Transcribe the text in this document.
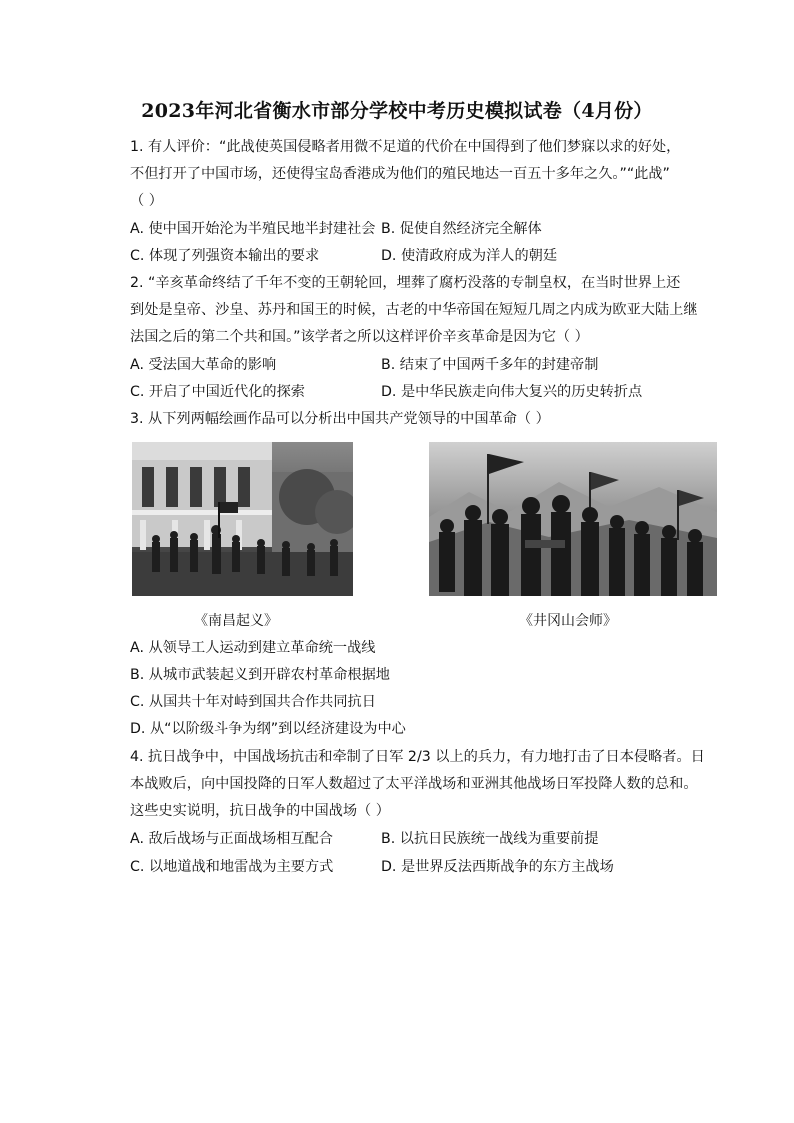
2023年河北省衡水市部分学校中考历史模拟试卷（4月份）
1. 有人评价：“此战使英国侵略者用微不足道的代价在中国得到了他们梦寐以求的好处，
不但打开了中国市场，还使得宝岛香港成为他们的殖民地达一百五十多年之久。”“此战”
（ ）
A. 使中国开始沦为半殖民地半封建社会 B. 促使自然经济完全解体
C. 体现了列强资本输出的要求	D. 使清政府成为洋人的朝廷
2. “辛亥革命终结了千年不变的王朝轮回，埋葬了腐朽没落的专制皇权，在当时世界上还
到处是皇帝、沙皇、苏丹和国王的时候，古老的中华帝国在短短几周之内成为欧亚大陆上继
法国之后的第二个共和国。”该学者之所以这样评价辛亥革命是因为它（ ）
A. 受法国大革命的影响	B. 结束了中国两千多年的封建帝制
C. 开启了中国近代化的探索	D. 是中华民族走向伟大复兴的历史转折点
3. 从下列两幅绘画作品可以分析出中国共产党领导的中国革命（ ）
《南昌起义》	《井冈山会师》
A. 从领导工人运动到建立革命统一战线
B. 从城市武装起义到开辟农村革命根据地
C. 从国共十年对峙到国共合作共同抗日
D. 从“以阶级斗争为纲”到以经济建设为中心
4. 抗日战争中，中国战场抗击和牵制了日军 2/3 以上的兵力，有力地打击了日本侵略者。日
本战败后，向中国投降的日军人数超过了太平洋战场和亚洲其他战场日军投降人数的总和。
这些史实说明，抗日战争的中国战场（ ）
A. 敌后战场与正面战场相互配合	B. 以抗日民族统一战线为重要前提
C. 以地道战和地雷战为主要方式	D. 是世界反法西斯战争的东方主战场
